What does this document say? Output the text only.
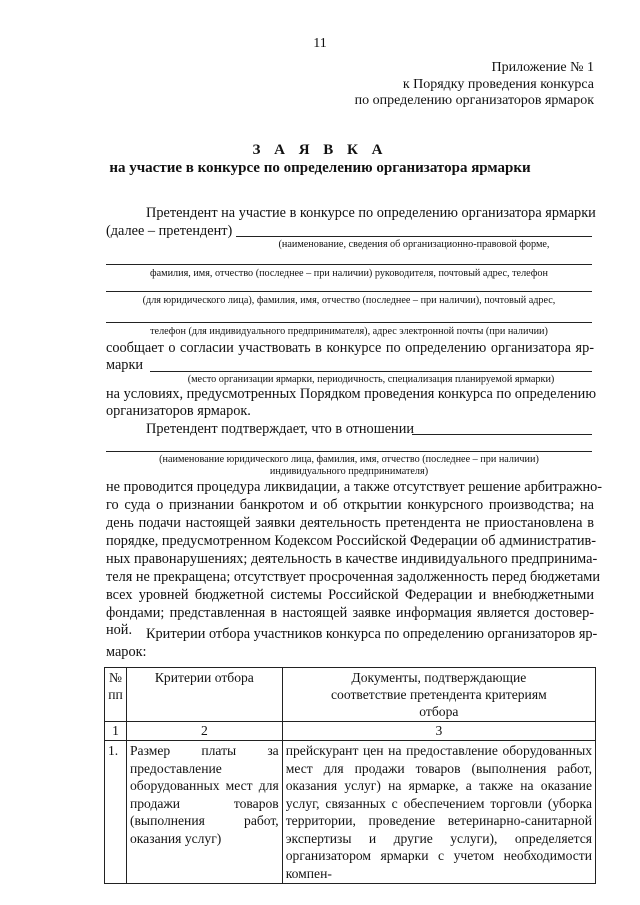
11
Приложение № 1
к Порядку проведения конкурса
по определению организаторов ярмарок
З А Я В К А
на участие в конкурсе по определению организатора ярмарки
Претендент на участие в конкурсе по определению организатора ярмарки
(далее – претендент)
(наименование, сведения об организационно-правовой форме,
фамилия, имя, отчество (последнее – при наличии) руководителя, почтовый адрес, телефон
(для юридического лица), фамилия, имя, отчество (последнее – при наличии), почтовый адрес,
телефон (для индивидуального предпринимателя), адрес электронной почты (при наличии)
сообщает о согласии участвовать в конкурсе по определению организатора яр-
марки
(место организации ярмарки, периодичность, специализация планируемой ярмарки)
на условиях, предусмотренных Порядком проведения конкурса по определению
организаторов ярмарок.
Претендент подтверждает, что в отношении
(наименование юридического лица, фамилия, имя, отчество (последнее – при наличии)
индивидуального предпринимателя)
не проводится процедура ликвидации, а также отсутствует решение арбитражно-
го суда о признании банкротом и об открытии конкурсного производства; на
день подачи настоящей заявки деятельность претендента не приостановлена в
порядке, предусмотренном Кодексом Российской Федерации об административ-
ных правонарушениях; деятельность в качестве индивидуального предпринима-
теля не прекращена; отсутствует просроченная задолженность перед бюджетами
всех уровней бюджетной системы Российской Федерации и внебюджетными
фондами; представленная в настоящей заявке информация является достовер-
ной. Критерии отбора участников конкурса по определению организаторов яр-
марок:
№ пп	Критерии отбора	Документы, подтверждающие соответствие претендента критериям отбора
1	2	3
1.	Размер платы за предоставление оборудованных мест для продажи товаров (выполнения работ, оказания услуг)	прейскурант цен на предоставление оборудованных мест для продажи товаров (выполнения работ, оказания услуг) на ярмарке, а также на оказание услуг, связанных с обеспечением торговли (уборка территории, проведение ветеринарно-санитарной экспертизы и другие услуги), определяется организатором ярмарки с учетом необходимости компен-
